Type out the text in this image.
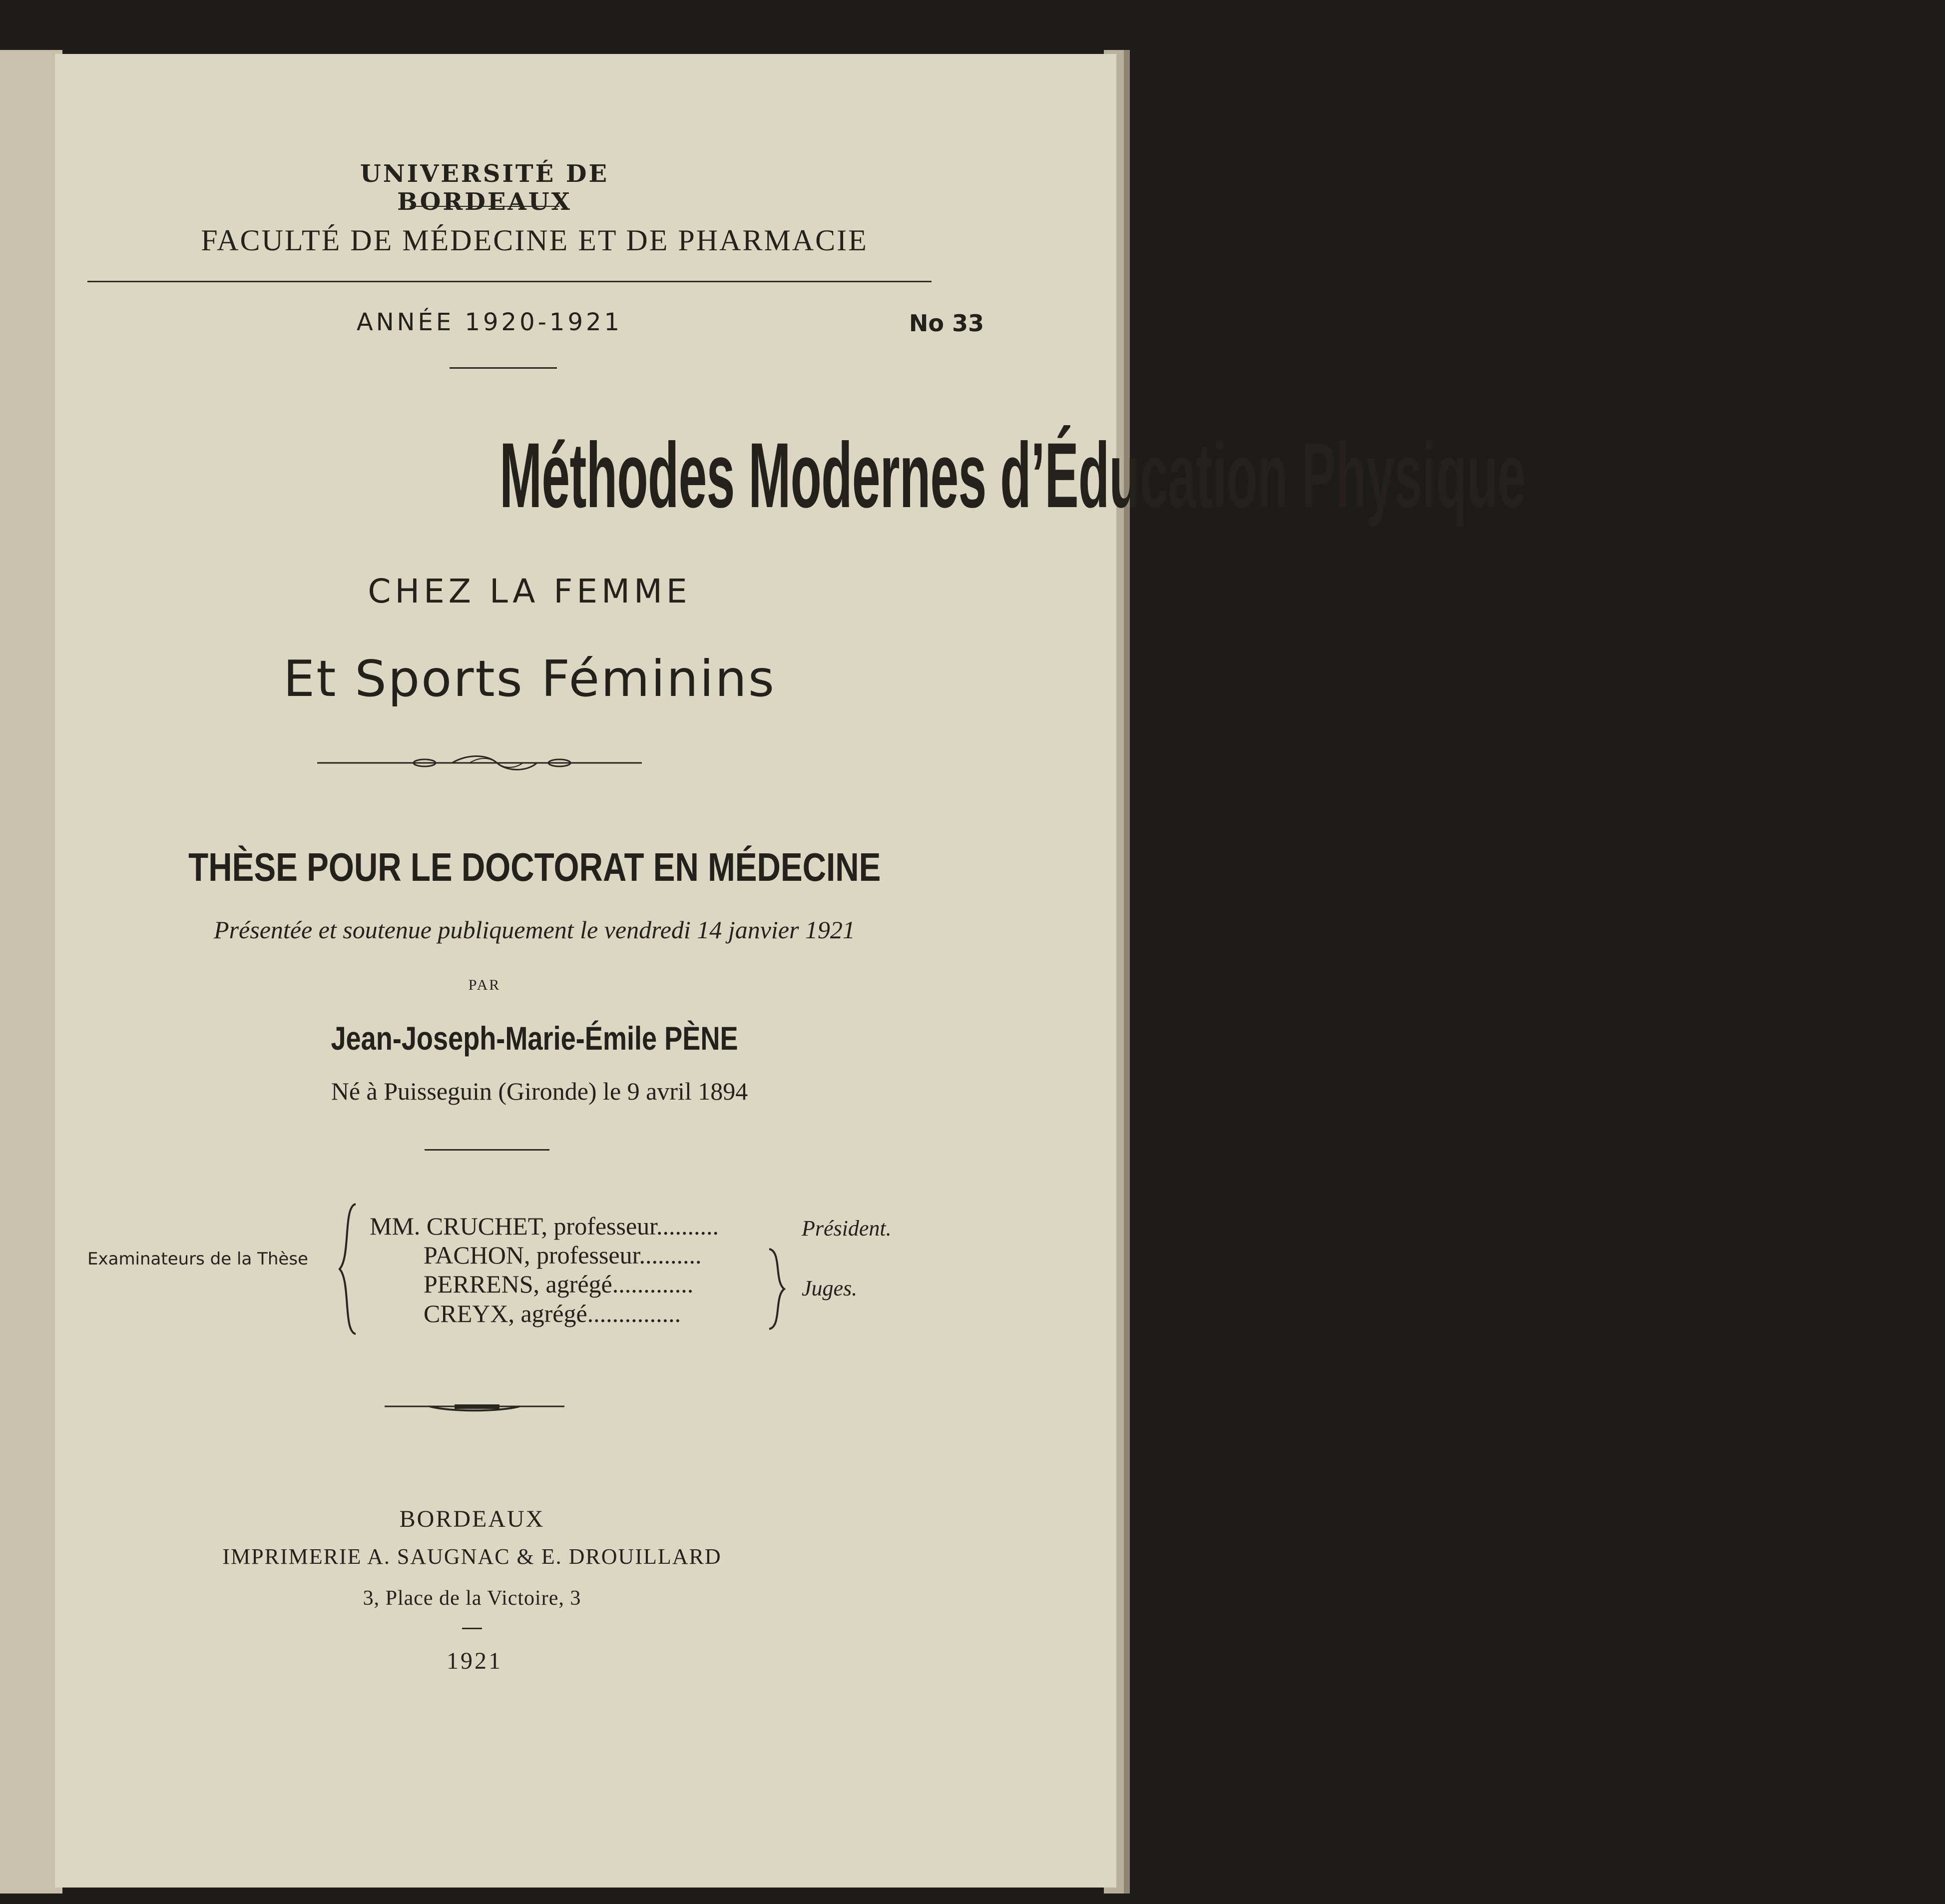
UNIVERSITÉ DE BORDEAUX
FACULTÉ DE MÉDECINE ET DE PHARMACIE
ANNÉE 1920-1921	No 33
Méthodes Modernes d’Éducation Physique
CHEZ LA FEMME
Et Sports Féminins
THÈSE POUR LE DOCTORAT EN MÉDECINE
Présentée et soutenue publiquement le vendredi 14 janvier 1921
PAR
Jean-Joseph-Marie-Émile PÈNE
Né à Puisseguin (Gironde) le 9 avril 1894
Examinateurs de la Thèse
MM. CRUCHET, professeur..........
PACHON, professeur..........
PERRENS, agrégé.............
CREYX, agrégé...............
Président.
Juges.
BORDEAUX
IMPRIMERIE A. SAUGNAC & E. DROUILLARD
3, Place de la Victoire, 3
1921
